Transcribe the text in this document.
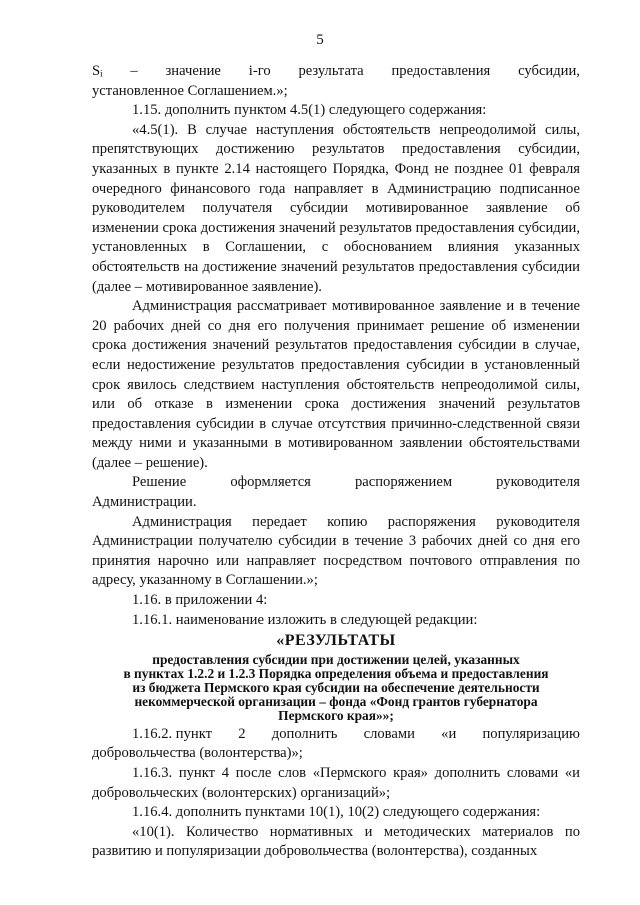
5
Sᵢ – значение i-го результата предоставления субсидии,

установленное Соглашением.»;

1.15. дополнить пунктом 4.5(1) следующего содержания:

«4.5(1). В случае наступления обстоятельств непреодолимой силы, препятствующих достижению результатов предоставления субсидии, указанных в пункте 2.14 настоящего Порядка, Фонд не позднее 01 февраля очередного финансового года направляет в Администрацию подписанное руководителем получателя субсидии мотивированное заявление об изменении срока достижения значений результатов предоставления субсидии, установленных в Соглашении, с обоснованием влияния указанных обстоятельств на достижение значений результатов предоставления субсидии (далее – мотивированное заявление).

Администрация рассматривает мотивированное заявление и в течение 20 рабочих дней со дня его получения принимает решение об изменении срока достижения значений результатов предоставления субсидии в случае, если недостижение результатов предоставления субсидии в установленный срок явилось следствием наступления обстоятельств непреодолимой силы, или об отказе в изменении срока достижения значений результатов предоставления субсидии в случае отсутствия причинно-следственной связи между ними и указанными в мотивированном заявлении обстоятельствами (далее – решение).

Решение	оформляется	распоряжением	руководителя

Администрации.

Администрация передает копию распоряжения руководителя Администрации получателю субсидии в течение 3 рабочих дней со дня его принятия нарочно или направляет посредством почтового отправления по адресу, указанному в Соглашении.»;

1.16. в приложении 4:

1.16.1. наименование изложить в следующей редакции:

«РЕЗУЛЬТАТЫ
предоставления субсидии при достижении целей, указанных
в пунктах 1.2.2 и 1.2.3 Порядка определения объема и предоставления
из бюджета Пермского края субсидии на обеспечение деятельности
некоммерческой организации – фонда «Фонд грантов губернатора
Пермского края»»;
1.16.2. пункт 2 дополнить словами «и популяризацию

добровольчества (волонтерства)»;

1.16.3. пункт 4 после слов «Пермского края» дополнить словами «и добровольческих (волонтерских) организаций»;

1.16.4. дополнить пунктами 10(1), 10(2) следующего содержания:

«10(1). Количество нормативных и методических материалов по развитию и популяризации добровольчества (волонтерства), созданных
